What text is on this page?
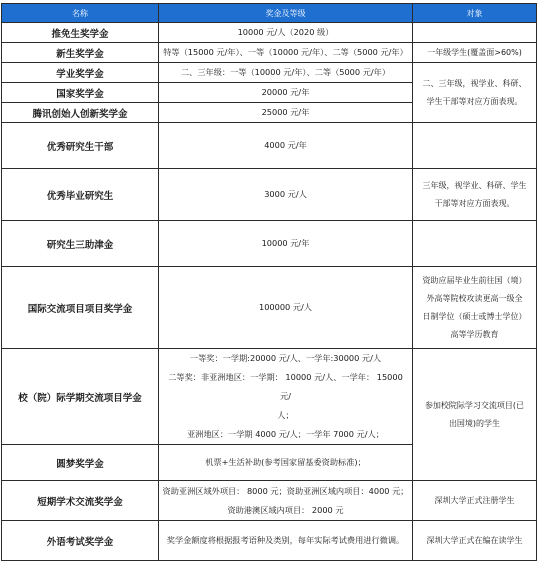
名称	奖金及等级	对象
推免生奖学金	10000 元/人（2020 级）	
新生奖学金	特等（15000 元/年）、一等（10000 元/年）、二等（5000 元/年）	一年级学生(覆盖面>60%)
学业奖学金	二、三年级：一等（10000 元/年）、二等（5000 元/年）	二、三年级，视学业、科研、
学生干部等对应方面表现。

国家奖学金	20000 元/年	
腾讯创始人创新奖学金	25000 元/年	
优秀研究生干部	4000 元/年	
优秀毕业研究生	3000 元/人	三年级，视学业、科研、学生
干部等对应方面表现。

研究生三助津金	10000 元/年	
国际交流项目项目奖学金	100000 元/人	资助应届毕业生前往国（境）
外高等院校攻读更高一级全
日制学位（硕士或博士学位）
高等学历教育

校（院）际学期交流项目学金	一等奖：一学期:20000 元/人、一学年:30000 元/人
二等奖：非亚洲地区：一学期： 10000 元/人、一学年： 15000 元/
人；
亚洲地区：一学期 4000 元/人；一学年 7000 元/人；	参加校院际学习交流项目(已
出国境)的学生

圆梦奖学金	机票+生活补助(参考国家留基委资助标准)；	
短期学术交流奖学金	资助亚洲区域外项目： 8000 元；资助亚洲区域内项目：4000 元；
资助港澳区域内项目： 2000 元	深圳大学正式注册学生
外语考试奖学金	奖学金额度将根据报考语种及类别，每年实际考试费用进行微调。	深圳大学正式在编在读学生
